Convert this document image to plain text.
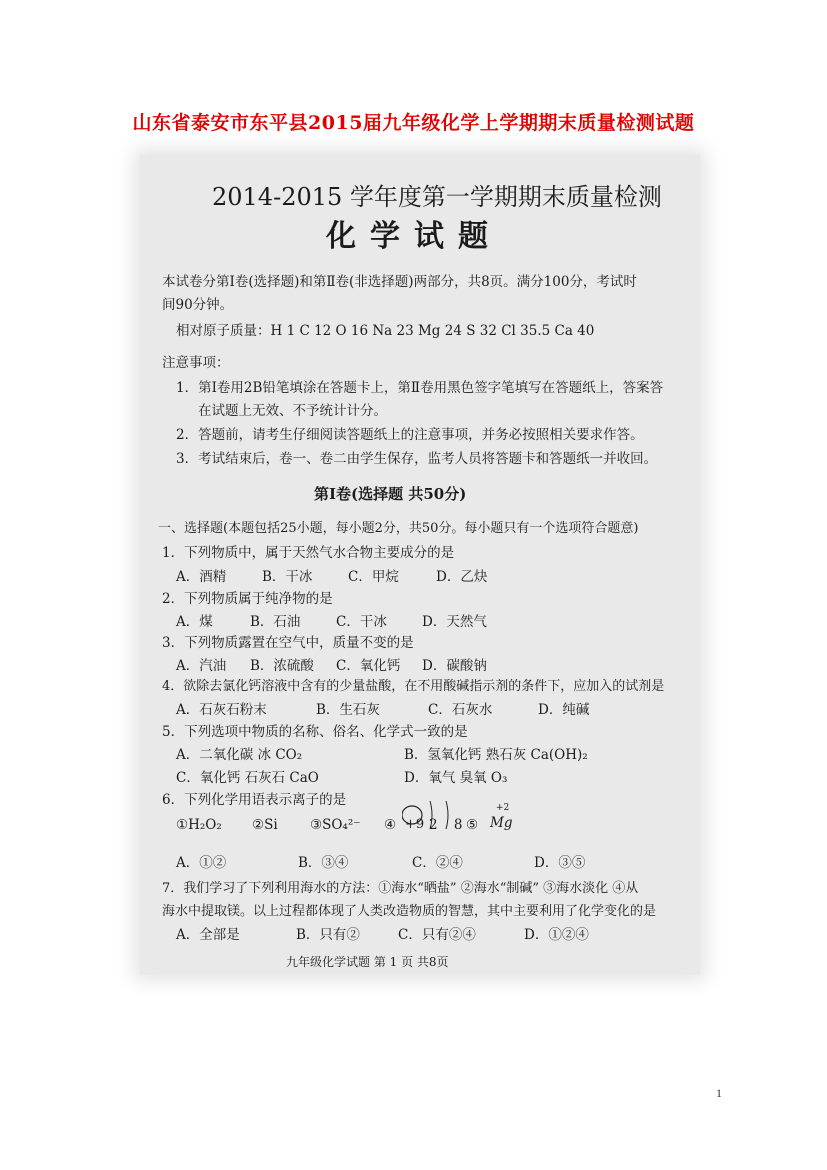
山东省泰安市东平县2015届九年级化学上学期期末质量检测试题
2014-2015 学年度第一学期期末质量检测
化学试题
本试卷分第Ⅰ卷(选择题)和第Ⅱ卷(非选择题)两部分，共8页。满分100分，考试时
间90分钟。
相对原子质量：H 1 C 12 O 16 Na 23 Mg 24 S 32 Cl 35.5 Ca 40
注意事项：
1．第Ⅰ卷用2B铅笔填涂在答题卡上，第Ⅱ卷用黑色签字笔填写在答题纸上，答案答
在试题上无效、不予统计计分。
2．答题前，请考生仔细阅读答题纸上的注意事项，并务必按照相关要求作答。
3．考试结束后，卷一、卷二由学生保存，监考人员将答题卡和答题纸一并收回。
第Ⅰ卷(选择题 共50分)
一、选择题(本题包括25小题，每小题2分，共50分。每小题只有一个选项符合题意)
1．下列物质中，属于天然气水合物主要成分的是
A．酒精	B．干冰	C．甲烷	D．乙炔
2．下列物质属于纯净物的是
A．煤	B．石油	C．干冰	D．天然气
3．下列物质露置在空气中，质量不变的是
A．汽油 B．浓硫酸 C．氧化钙 D．碳酸钠
4．欲除去氯化钙溶液中含有的少量盐酸，在不用酸碱指示剂的条件下，应加入的试剂是
A．石灰石粉末	B．生石灰	C．石灰水	D．纯碱
5．下列选项中物质的名称、俗名、化学式一致的是
A．二氧化碳 冰 CO₂	B．氢氧化钙 熟石灰 Ca(OH)₂
C．氧化钙 石灰石 CaO	D．氧气 臭氧 O₃
6．下列化学用语表示离子的是
①H₂O₂ ②Si ③SO₄²⁻ ④ +9 2 8
⑤
+2
Mg
A．①②	B．③④	C．②④	D．③⑤
7．我们学习了下列利用海水的方法：①海水“晒盐” ②海水“制碱” ③海水淡化 ④从
海水中提取镁。以上过程都体现了人类改造物质的智慧，其中主要利用了化学变化的是
A．全部是	B．只有②	C．只有②④	D．①②④
九年级化学试题 第 1 页 共8页
1
